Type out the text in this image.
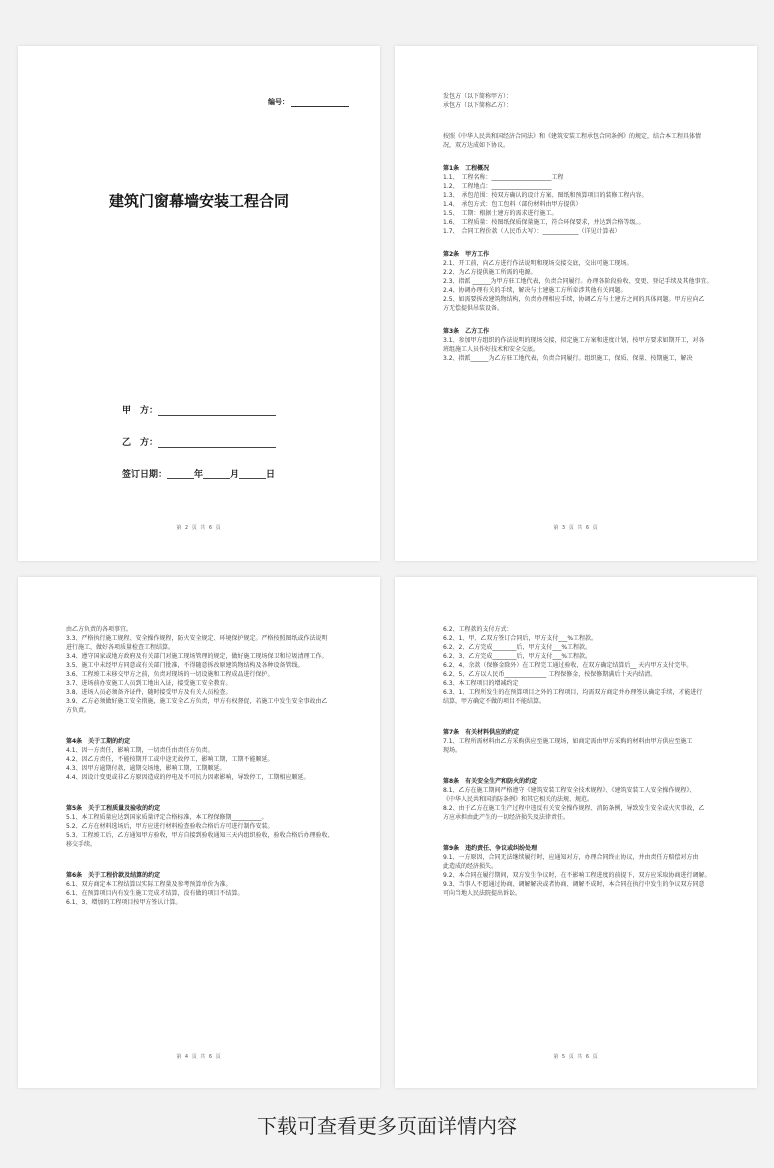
编号：
建筑门窗幕墙安装工程合同
甲　方：
乙　方：
签订日期：______年______月______日
第 2 页 共 6 页
发包方（以下简称甲方）：
承包方（以下简称乙方）：
按照《中华人民共和国经济合同法》和《建筑安装工程承包合同条例》的规定，结合本工程具体情
况，双方达成如下协议。
第1条　工程概况
1.1、　工程名称：____________________工程
1.2、　工程地点：____________________
1.3、　承包范围：按双方确认的设计方案、图纸和预算项目的装修工程内容。
1.4、　承包方式：包工包料（部份材料由甲方提供）
1.5、　工期：根据土建方的需求进行施工。
1.6、　工程质量：按图纸保质保量施工，符合环保要求，并达到合格等级。。
1.7、　合同工程价款（人民币大写）：____________（详见计算表）
第2条　甲方工作
2.1、开工前，向乙方进行作法说明和现场交接交底，交出可施工现场。
2.2、为乙方提供施工所需的电源。
2.3、指派 ______为甲方驻工地代表，负责合同履行。办理各阶段验收、变更、登记手续及其他事宜。
2.4、协调办理有关的手续，解决与土建施工方所牵涉其他有关问题。
2.5、如需要拆改建筑物结构，负责办理相应手续，协调乙方与土建方之间的具体问题。甲方应向乙
方无偿提供吊装设备。
第3条　乙方工作
3.1、参加甲方组织的作法说明的现场交接，拟定施工方案和进度计划，按甲方要求如期开工，对各
班组施工人员作好技术和安全交底。
3.2、指派______为乙方驻工地代表，负责合同履行。组织施工，保质、保量、按期施工，解决
第 3 页 共 6 页
由乙方负责的各项事宜。
3.3、严格执行施工规程、安全操作规程，防火安全规定、环境保护规定。严格按照图纸或作法说明
进行施工，做好各项质量检查工程结算。
3.4、遵守国家或地方政府及有关部门对施工现场管理的规定，做好施工现场保卫和垃圾清理工作。
3.5、施工中未经甲方同意或有关部门批准，不得随意拆改原建筑物结构及各种设备管线。
3.6、工程竣工未移交甲方之前，负责对现场的一切设施和工程成品进行保护。
3.7、进场前办安施工人员到工地出入证，接受施工安全教育。
3.8、进场人员必须备齐证件，随时接受甲方及有关人员检查。
3.9、乙方必须做好施工安全措施，施工安全乙方负责，甲方有权督促，若施工中发生安全事故由乙
方负责。
第4条　关于工期的约定
4.1、因一方责任，影响工期，一切责任由责任方负责。
4.2、因乙方责任，不能按期开工或中途无故停工，影响工期，工期不能顺延。
4.3、因甲方逾期付款，逾期交场地，影响工期，工期顺延。
4.4、因设计变更或非乙方原因造成的停电及不可抗力因素影响，导致停工，工期相应顺延。
第5条　关于工程质量及验收的约定
5.1、本工程质量应达到国家质量评定合格标准，本工程保修期__________。
5.2、乙方在材料选场后，甲方应进行材料检查验收合格后方可进行制作安装。
5.3、工程竣工后，乙方通知甲方验收，甲方自接到验收通知三天内组织验收，验收合格后办理验收、
移交手续。
第6条　关于工程价款及结算的约定
6.1、双方商定本工程结算以实际工程量及参考预算单价为准。
6.1、在预算项目内有发生施工完成才结算，没有做的项目不结算。
6.1、3、增加的工程项目按甲方签认计算。
第 4 页 共 6 页
6.2、工程款的支付方式：
6.2、1、甲、乙双方签订合同后，甲方支付___%工程款。
6.2、2、乙方完成________后，甲方支付___%工程款。
6.2、3、乙方完成________后，甲方支付___%工程款。
6.2、4、余款（保修金除外）在工程完工通过验收，在双方确定结算后__ 天内甲方支付完毕。
6.2、5、乙方以人民币______________ 工程保修金，按保修期满后十天内结清。
6.3、本工程项目的增减约定
6.3、1、工程所发生的在预算项目之外的工程项目，均需双方商定并办理签认确定手续，才能进行
结算，甲方确定不做的项目不能结算。
第7条　有关材料供应的约定
7.1、工程所需材料由乙方采购供应至施工现场，如商定需由甲方采购的材料由甲方供应至施工
现场。
第8条　有关安全生产和防火的约定
8.1、乙方在施工期间严格遵守《建筑安装工程安全技术规程》、《建筑安装工人安全操作规程》、
《中华人民共和国消防条例》和其它相关的法规、规范。
8.2、由于乙方在施工生产过程中违反有关安全操作规程、消防条例，导致发生安全或火灾事故，乙
方应承担由此产生的一切经济损失及法律责任。
第9条　违约责任、争议或纠纷处理
9.1、一方原因，合同无法继续履行时，应通知对方，办理合同终止协议，并由责任方赔偿对方由
此造成的经济损失。
9.2、本合同在履行期间，双方发生争议时，在不影响工程进度的前提下，双方应采取协商进行调解。
9.3、当事人不愿通过协商、调解解决或者协商、调解不成时，本合同在执行中发生的争议双方同意
可向当地人民法院提出诉讼。
第 5 页 共 6 页
下载可查看更多页面详情内容
